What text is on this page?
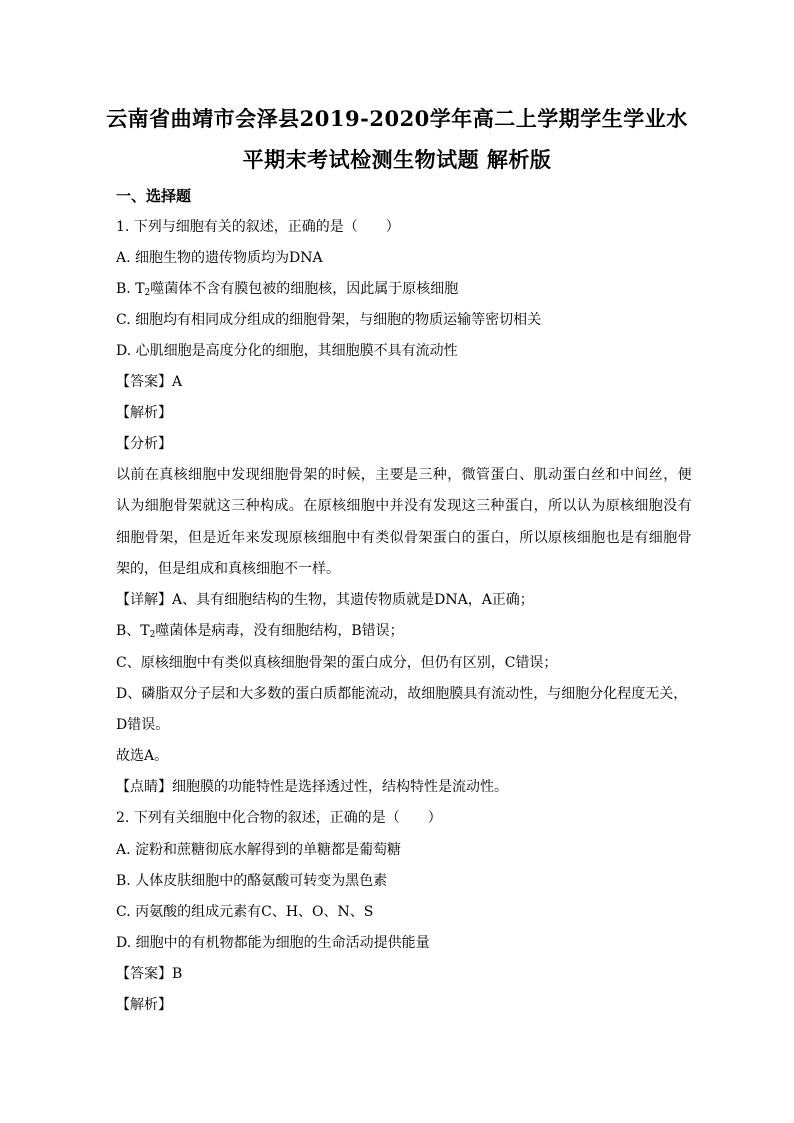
云南省曲靖市会泽县2019-2020学年高二上学期学生学业水
平期末考试检测生物试题 解析版
一、选择题
1. 下列与细胞有关的叙述，正确的是（　　）
A. 细胞生物的遗传物质均为DNA
B. $T_2$噬菌体不含有膜包被的细胞核，因此属于原核细胞
C. 细胞均有相同成分组成的细胞骨架，与细胞的物质运输等密切相关
D. 心肌细胞是高度分化的细胞，其细胞膜不具有流动性
【答案】A
【解析】
【分析】
以前在真核细胞中发现细胞骨架的时候，主要是三种，微管蛋白、肌动蛋白丝和中间丝，便
认为细胞骨架就这三种构成。在原核细胞中并没有发现这三种蛋白，所以认为原核细胞没有
细胞骨架，但是近年来发现原核细胞中有类似骨架蛋白的蛋白，所以原核细胞也是有细胞骨
架的，但是组成和真核细胞不一样。
【详解】A、具有细胞结构的生物，其遗传物质就是DNA，A正确；
B、$T_2$噬菌体是病毒，没有细胞结构，B错误；
C、原核细胞中有类似真核细胞骨架的蛋白成分，但仍有区别，C错误；
D、磷脂双分子层和大多数的蛋白质都能流动，故细胞膜具有流动性，与细胞分化程度无关，
D错误。
故选A。
【点睛】细胞膜的功能特性是选择透过性，结构特性是流动性。
2. 下列有关细胞中化合物的叙述，正确的是（　　）
A. 淀粉和蔗糖彻底水解得到的单糖都是葡萄糖
B. 人体皮肤细胞中的酪氨酸可转变为黑色素
C. 丙氨酸的组成元素有C、H、O、N、S
D. 细胞中的有机物都能为细胞的生命活动提供能量
【答案】B
【解析】
